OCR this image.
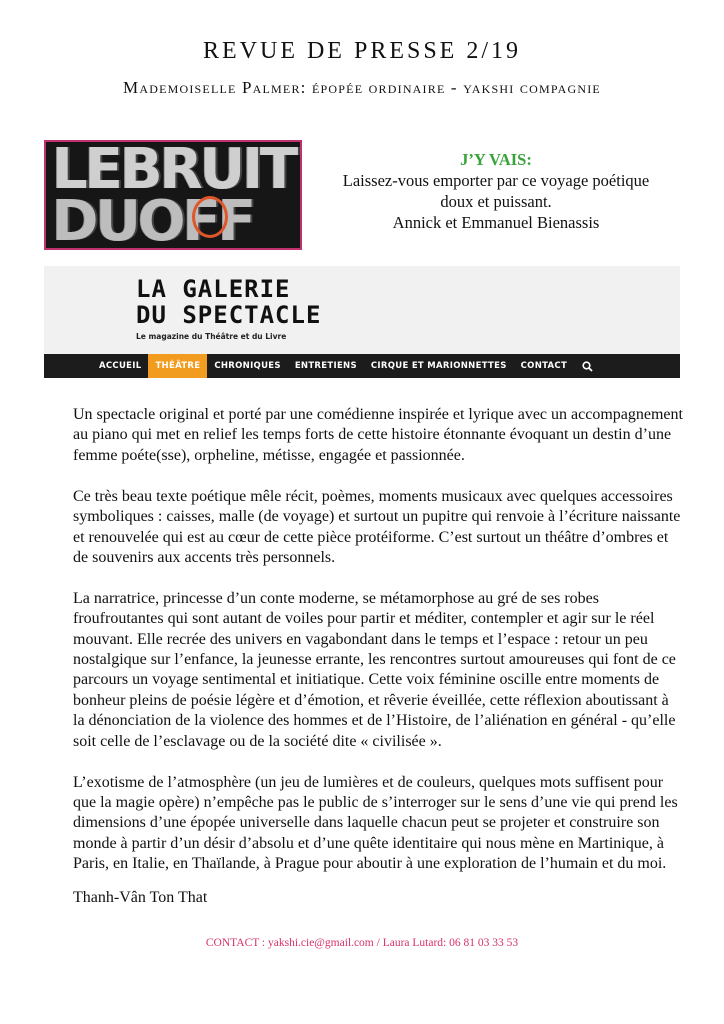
REVUE DE PRESSE 2/19
Mademoiselle Palmer: épopée ordinaire - yakshi compagnie
LEBRUIT
DUOFF
J’Y VAIS:
Laissez-vous emporter par ce voyage poétique
doux et puissant.
Annick et Emmanuel Bienassis
LA GALERIE
DU SPECTACLE
Le magazine du Théâtre et du Livre
ACCUEIL	THÉÂTRE	CHRONIQUES	ENTRETIENS	CIRQUE ET MARIONNETTES	CONTACT

Un spectacle original et porté par une comédienne inspirée et lyrique avec un accompagnement au piano qui met en relief les temps forts de cette histoire étonnante évoquant un destin d’une femme poéte(sse), orpheline, métisse, engagée et passionnée.

Ce très beau texte poétique mêle récit, poèmes, moments musicaux avec quelques accessoires symboliques : caisses, malle (de voyage) et surtout un pupitre qui renvoie à l’écriture naissante et renouvelée qui est au cœur de cette pièce protéiforme. C’est surtout un théâtre d’ombres et de souvenirs aux accents très personnels.

La narratrice, princesse d’un conte moderne, se métamorphose au gré de ses robes froufroutantes qui sont autant de voiles pour partir et méditer, contempler et agir sur le réel mouvant. Elle recrée des univers en vagabondant dans le temps et l’espace : retour un peu nostalgique sur l’enfance, la jeunesse errante, les rencontres surtout amoureuses qui font de ce parcours un voyage sentimental et initiatique. Cette voix féminine oscille entre moments de bonheur pleins de poésie légère et d’émotion, et rêverie éveillée, cette réflexion aboutissant à la dénonciation de la violence des hommes et de l’Histoire, de l’aliénation en général - qu’elle soit celle de l’esclavage ou de la société dite « civilisée ».

L’exotisme de l’atmosphère (un jeu de lumières et de couleurs, quelques mots suffisent pour que la magie opère) n’empêche pas le public de s’interroger sur le sens d’une vie qui prend les dimensions d’une épopée universelle dans laquelle chacun peut se projeter et construire son monde à partir d’un désir d’absolu et d’une quête identitaire qui nous mène en Martinique, à Paris, en Italie, en Thaïlande, à Prague pour aboutir à une exploration de l’humain et du moi.

Thanh-Vân Ton That
CONTACT : yakshi.cie@gmail.com / Laura Lutard: 06 81 03 33 53
